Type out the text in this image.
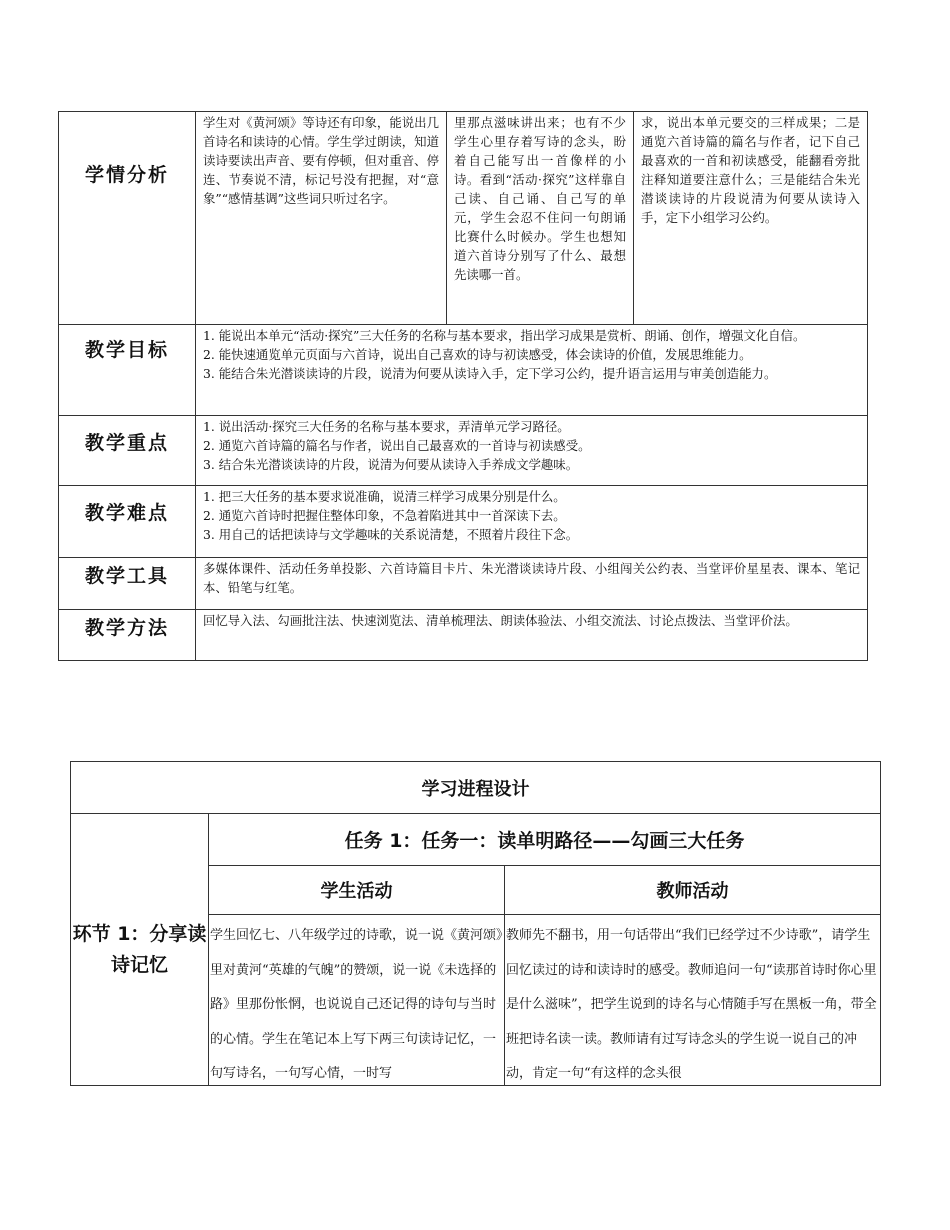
学情分析	学生对《黄河颂》等诗还有印象，能说出几首诗名和读诗的心情。学生学过朗读，知道读诗要读出声音、要有停顿，但对重音、停连、节奏说不清，标记号没有把握，对“意象”“感情基调”这些词只听过名字。	里那点滋味讲出来；也有不少学生心里存着写诗的念头，盼着自己能写出一首像样的小诗。看到“活动·探究”这样靠自己读、自己诵、自己写的单元，学生会忍不住问一句朗诵比赛什么时候办。学生也想知道六首诗分别写了什么、最想先读哪一首。	求，说出本单元要交的三样成果；二是通览六首诗篇的篇名与作者，记下自己最喜欢的一首和初读感受，能翻看旁批注释知道要注意什么；三是能结合朱光潜谈读诗的片段说清为何要从读诗入手，定下小组学习公约。

教学目标	1. 能说出本单元“活动·探究”三大任务的名称与基本要求，指出学习成果是赏析、朗诵、创作，增强文化自信。
2. 能快速通览单元页面与六首诗，说出自己喜欢的诗与初读感受，体会读诗的价值，发展思维能力。
3. 能结合朱光潜谈读诗的片段，说清为何要从读诗入手，定下学习公约，提升语言运用与审美创造能力。		

教学重点	1. 说出活动·探究三大任务的名称与基本要求，弄清单元学习路径。
2. 通览六首诗篇的篇名与作者，说出自己最喜欢的一首诗与初读感受。
3. 结合朱光潜谈读诗的片段，说清为何要从读诗入手养成文学趣味。		

教学难点	1. 把三大任务的基本要求说准确，说清三样学习成果分别是什么。
2. 通览六首诗时把握住整体印象，不急着陷进其中一首深读下去。
3. 用自己的话把读诗与文学趣味的关系说清楚，不照着片段往下念。		

教学工具	多媒体课件、活动任务单投影、六首诗篇目卡片、朱光潜谈读诗片段、小组闯关公约表、当堂评价星星表、课本、笔记本、铅笔与红笔。		

教学方法	回忆导入法、勾画批注法、快速浏览法、清单梳理法、朗读体验法、小组交流法、讨论点拨法、当堂评价法。		
学习进程设计		
环节 1：分享读诗记忆	任务 1：任务一：读单明路径——勾画三大任务	
	学生活动	教师活动

	学生回忆七、八年级学过的诗歌，说一说《黄河颂》里对黄河“英雄的气魄”的赞颂，说一说《未选择的路》里那份怅惘，也说说自己还记得的诗句与当时的心情。学生在笔记本上写下两三句读诗记忆，一句写诗名，一句写心情，一时写	教师先不翻书，用一句话带出“我们已经学过不少诗歌”，请学生回忆读过的诗和读诗时的感受。教师追问一句“读那首诗时你心里是什么滋味”，把学生说到的诗名与心情随手写在黑板一角，带全班把诗名读一读。教师请有过写诗念头的学生说一说自己的冲动，肯定一句“有这样的念头很
